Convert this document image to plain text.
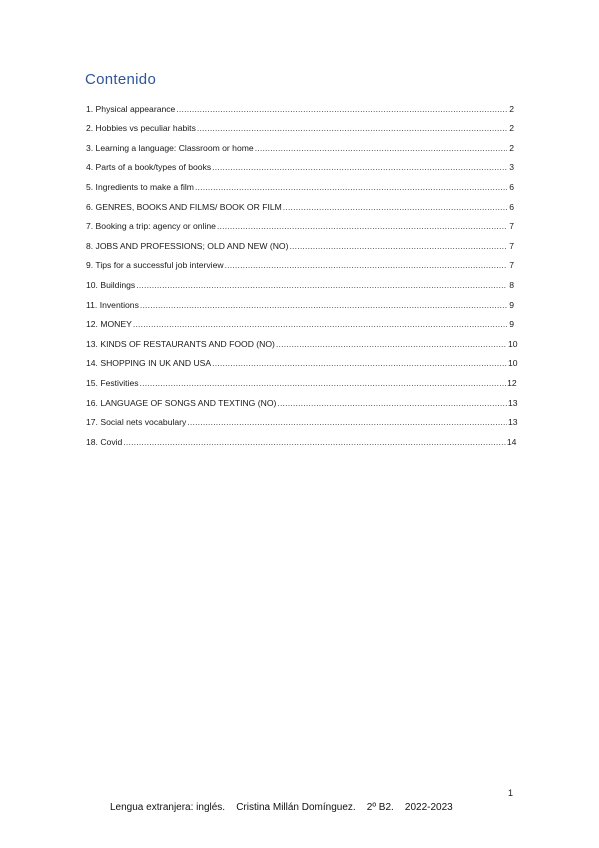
Contenido
1. Physical appearance .....	2
2. Hobbies vs peculiar habits .....	2
3. Learning a language: Classroom or home .....	2
4. Parts of a book/types of books .....	3
5. Ingredients to make a film .....	6
6. GENRES, BOOKS AND FILMS/ BOOK OR FILM .....	6
7. Booking a trip: agency or online .....	7
8. JOBS AND PROFESSIONS; OLD AND NEW (NO) .....	7
9. Tips for a successful job interview .....	7
10. Buildings .....	8
11. Inventions .....	9
12. MONEY .....	9
13. KINDS OF RESTAURANTS AND FOOD (NO) .....	10
14. SHOPPING IN UK AND USA .....	10
15. Festivities .....	12
16. LANGUAGE OF SONGS AND TEXTING (NO) .....	13
17. Social nets vocabulary .....	13
18. Covid .....	14
1
Lengua extranjera: inglés.    Cristina Millán Domínguez.    2º B2.    2022-2023
